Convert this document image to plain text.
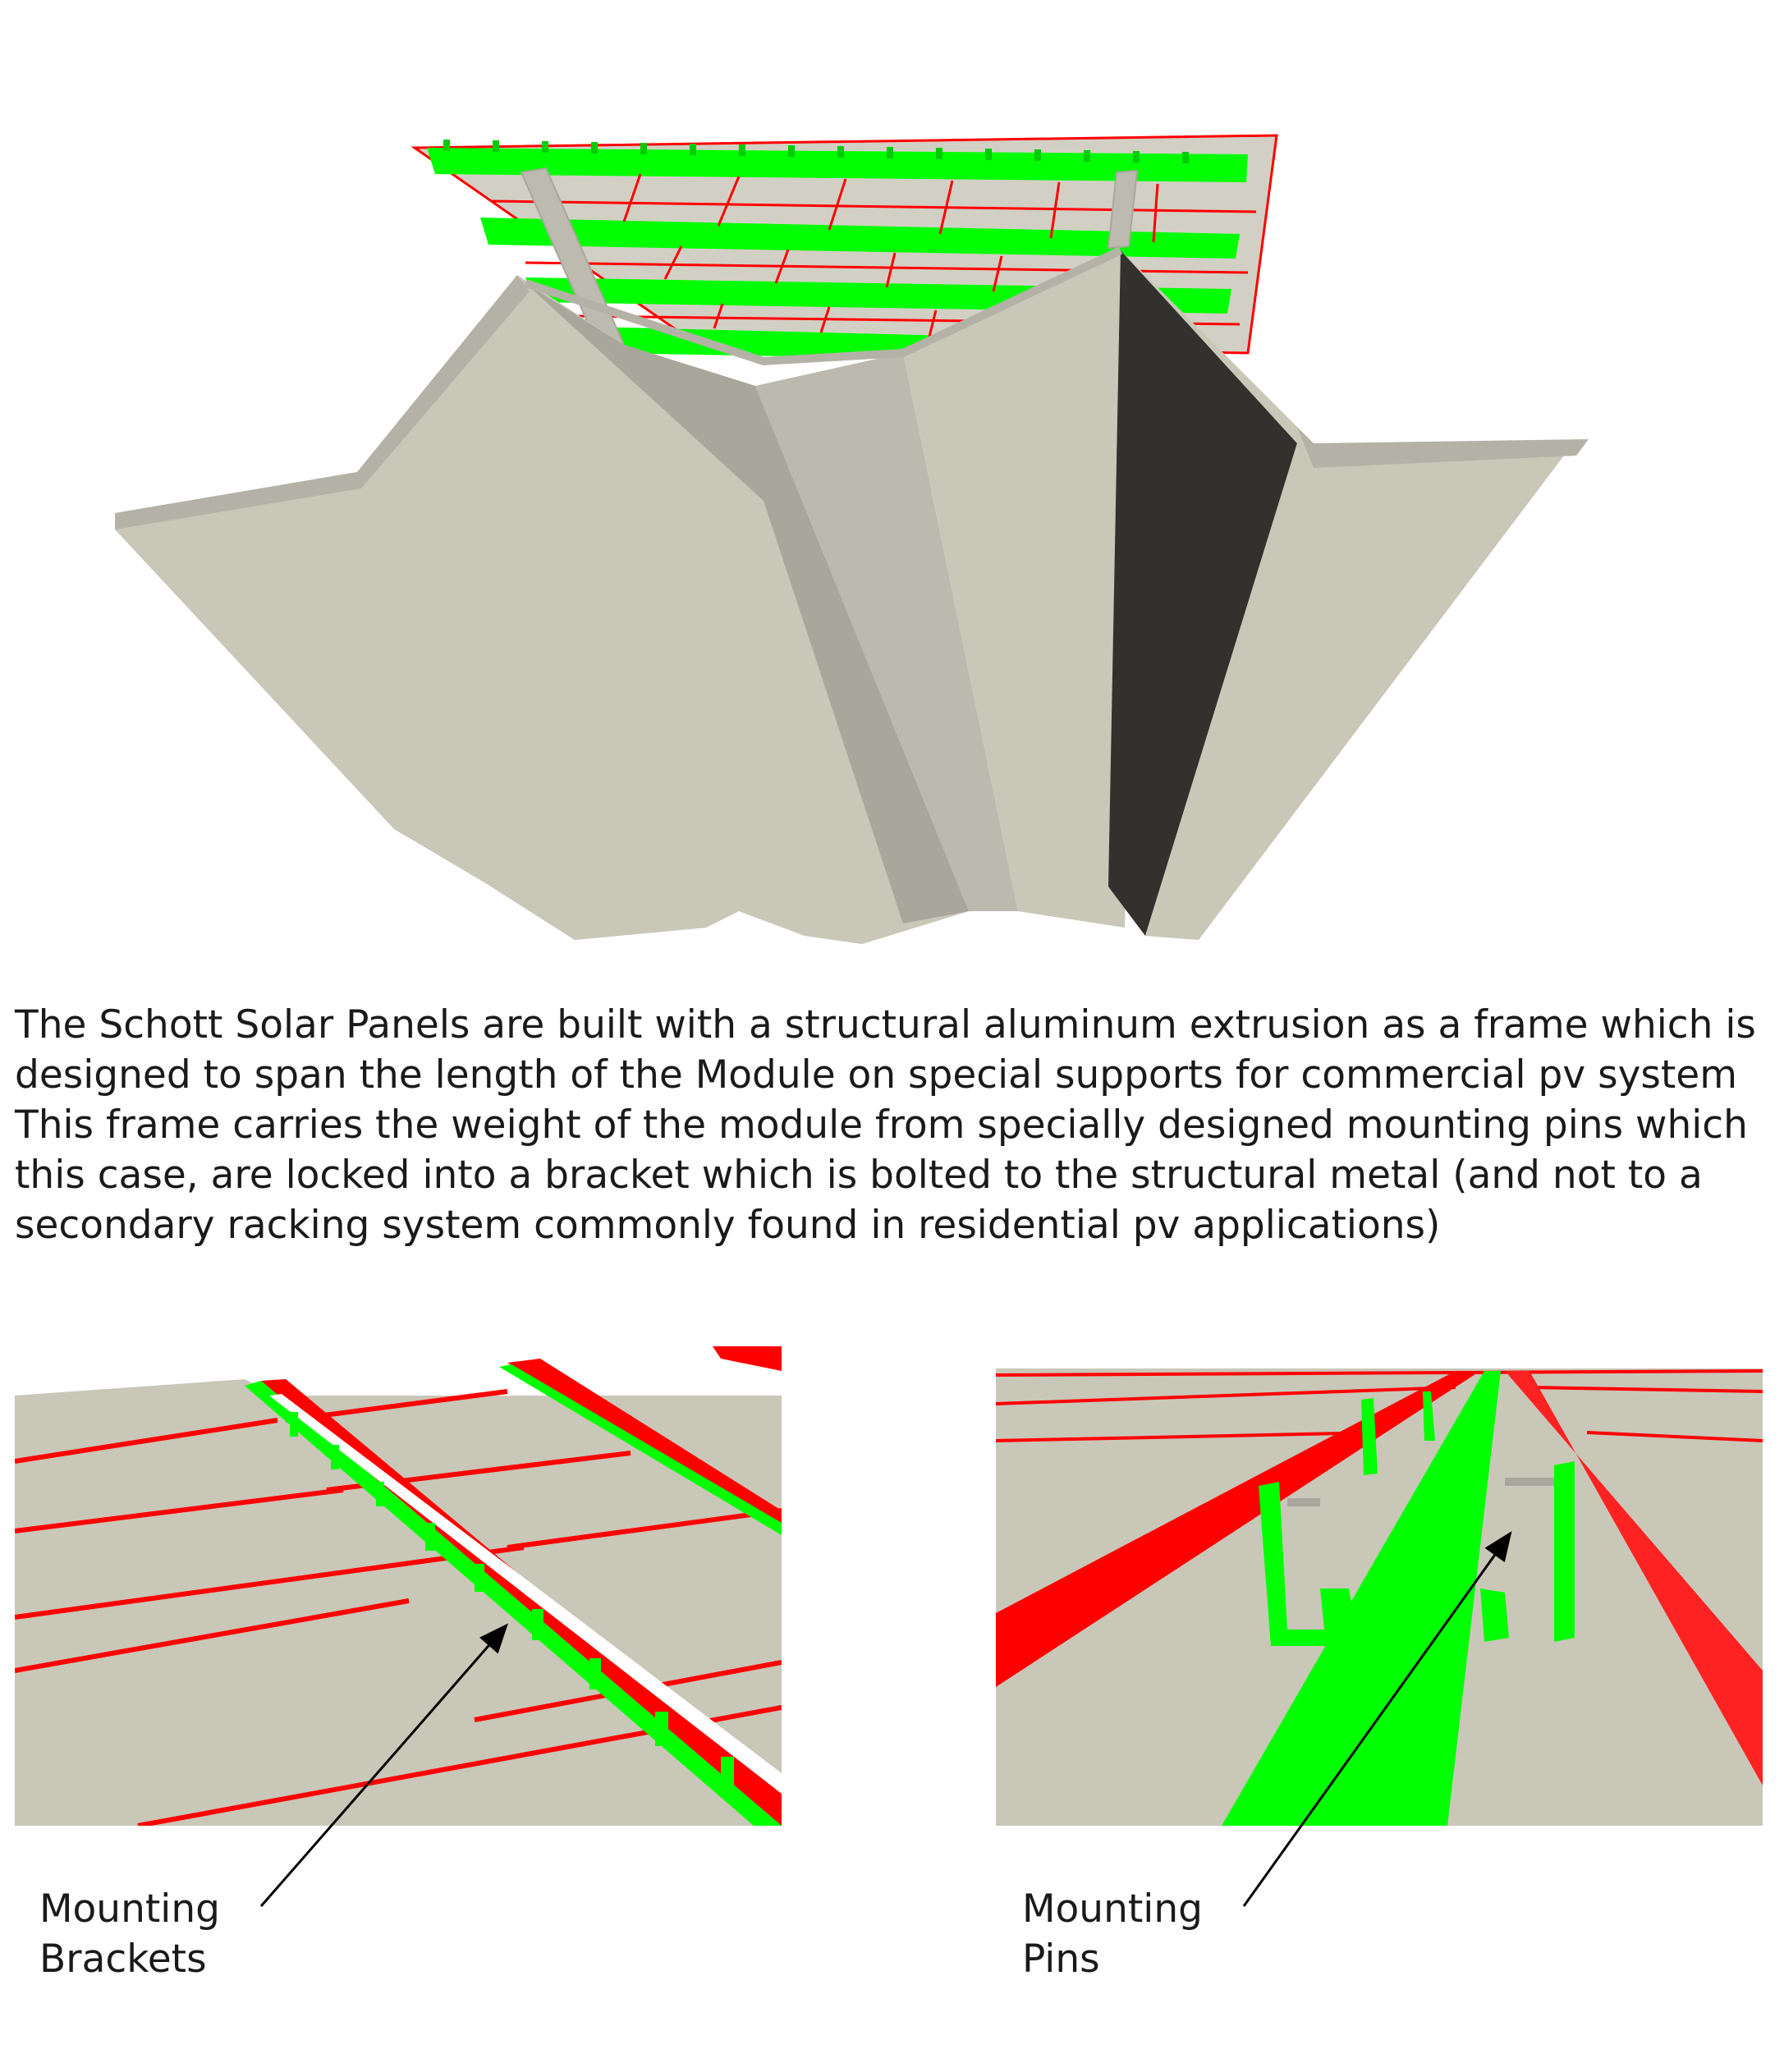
The Schott Solar Panels are built with a structural aluminum extrusion as a frame which is
designed to span the length of the Module on special supports for commercial pv system
This frame carries the weight of the module from specially designed mounting pins which
this case, are locked into a bracket which is bolted to the structural metal (and not to a
secondary racking system commonly found in residential pv applications)

Mounting
Brackets
Mounting
Pins
